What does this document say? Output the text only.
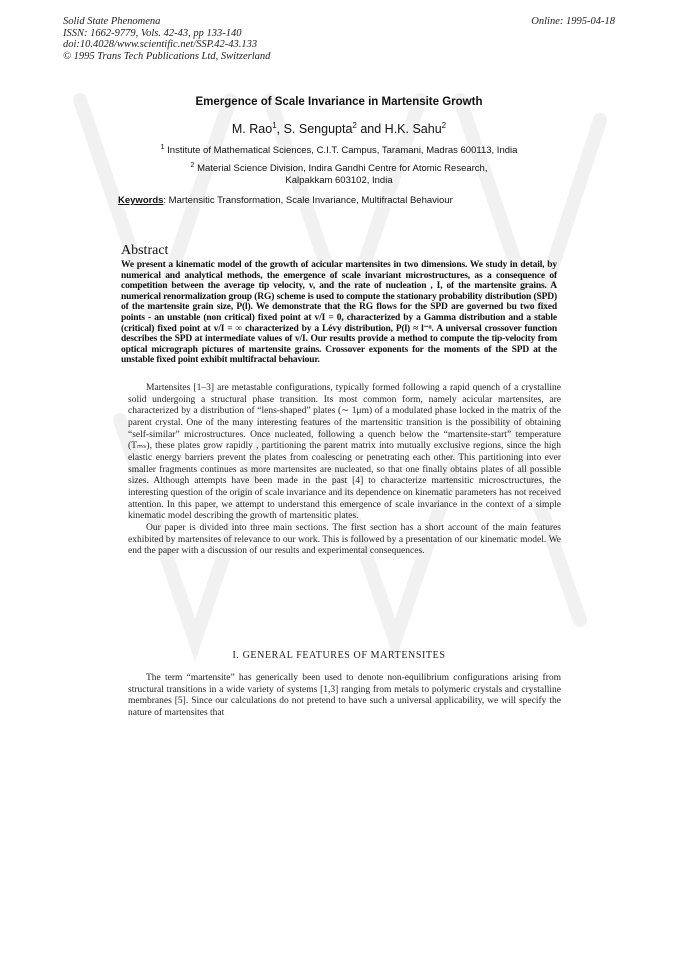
Solid State Phenomena
ISSN: 1662-9779, Vols. 42-43, pp 133-140
doi:10.4028/www.scientific.net/SSP.42-43.133
© 1995 Trans Tech Publications Ltd, Switzerland
Online: 1995-04-18
Emergence of Scale Invariance in Martensite Growth
M. Rao$^1$, S. Sengupta$^2$ and H.K. Sahu$^2$
$^1$ Institute of Mathematical Sciences, C.I.T. Campus, Taramani, Madras 600113, India
$^2$ Material Science Division, Indira Gandhi Centre for Atomic Research,
Kalpakkam 603102, India
Keywords: Martensitic Transformation, Scale Invariance, Multifractal Behaviour
Abstract
We present a kinematic model of the growth of acicular martensites in two dimensions. We study in detail, by numerical and analytical methods, the emergence of scale invariant microstructures, as a consequence of competition between the average tip velocity, v, and the rate of nucleation , I, of the martensite grains. A numerical renormalization group (RG) scheme is used to compute the stationary probability distribution (SPD) of the martensite grain size, P(l). We demonstrate that the RG flows for the SPD are governed bu two fixed points - an unstable (non critical) fixed point at v/I = 0, characterized by a Gamma distribution and a stable (critical) fixed point at v/I = ∞ characterized by a Lévy distribution, P(l) ≈ l⁻ᵅ. A universal crossover function describes the SPD at intermediate values of v/I. Our results provide a method to compute the tip-velocity from optical micrograph pictures of martensite grains. Crossover exponents for the moments of the SPD at the unstable fixed point exhibit multifractal behaviour.

Martensites [1–3] are metastable configurations, typically formed following a rapid quench of a crystalline solid undergoing a structural phase transition. Its most common form, namely acicular martensites, are characterized by a distribution of “lens-shaped” plates (∼ 1μm) of a modulated phase locked in the matrix of the parent crystal. One of the many interesting features of the martensitic transition is the possibility of obtaining “self-similar” microstructures. Once nucleated, following a quench below the “martensite-start” temperature (Tₘₛ), these plates grow rapidly , partitioning the parent matrix into mutually exclusive regions, since the high elastic energy barriers prevent the plates from coalescing or penetrating each other. This partitioning into ever smaller fragments continues as more martensites are nucleated, so that one finally obtains plates of all possible sizes. Although attempts have been made in the past [4] to characterize martensitic microsctructures, the interesting question of the origin of scale invariance and its dependence on kinematic parameters has not received attention. In this paper, we attempt to understand this emergence of scale invariance in the context of a simple kinematic model describing the growth of martensitic plates.

Our paper is divided into three main sections. The first section has a short account of the main features exhibited by martensites of relevance to our work. This is followed by a presentation of our kinematic model. We end the paper with a discussion of our results and experimental consequences.

I. GENERAL FEATURES OF MARTENSITES

The term “martensite” has generically been used to denote non-equilibrium configurations arising from structural transitions in a wide variety of systems [1,3] ranging from metals to polymeric crystals and crystalline membranes [5]. Since our calculations do not pretend to have such a universal applicability, we will specify the nature of martensites that
